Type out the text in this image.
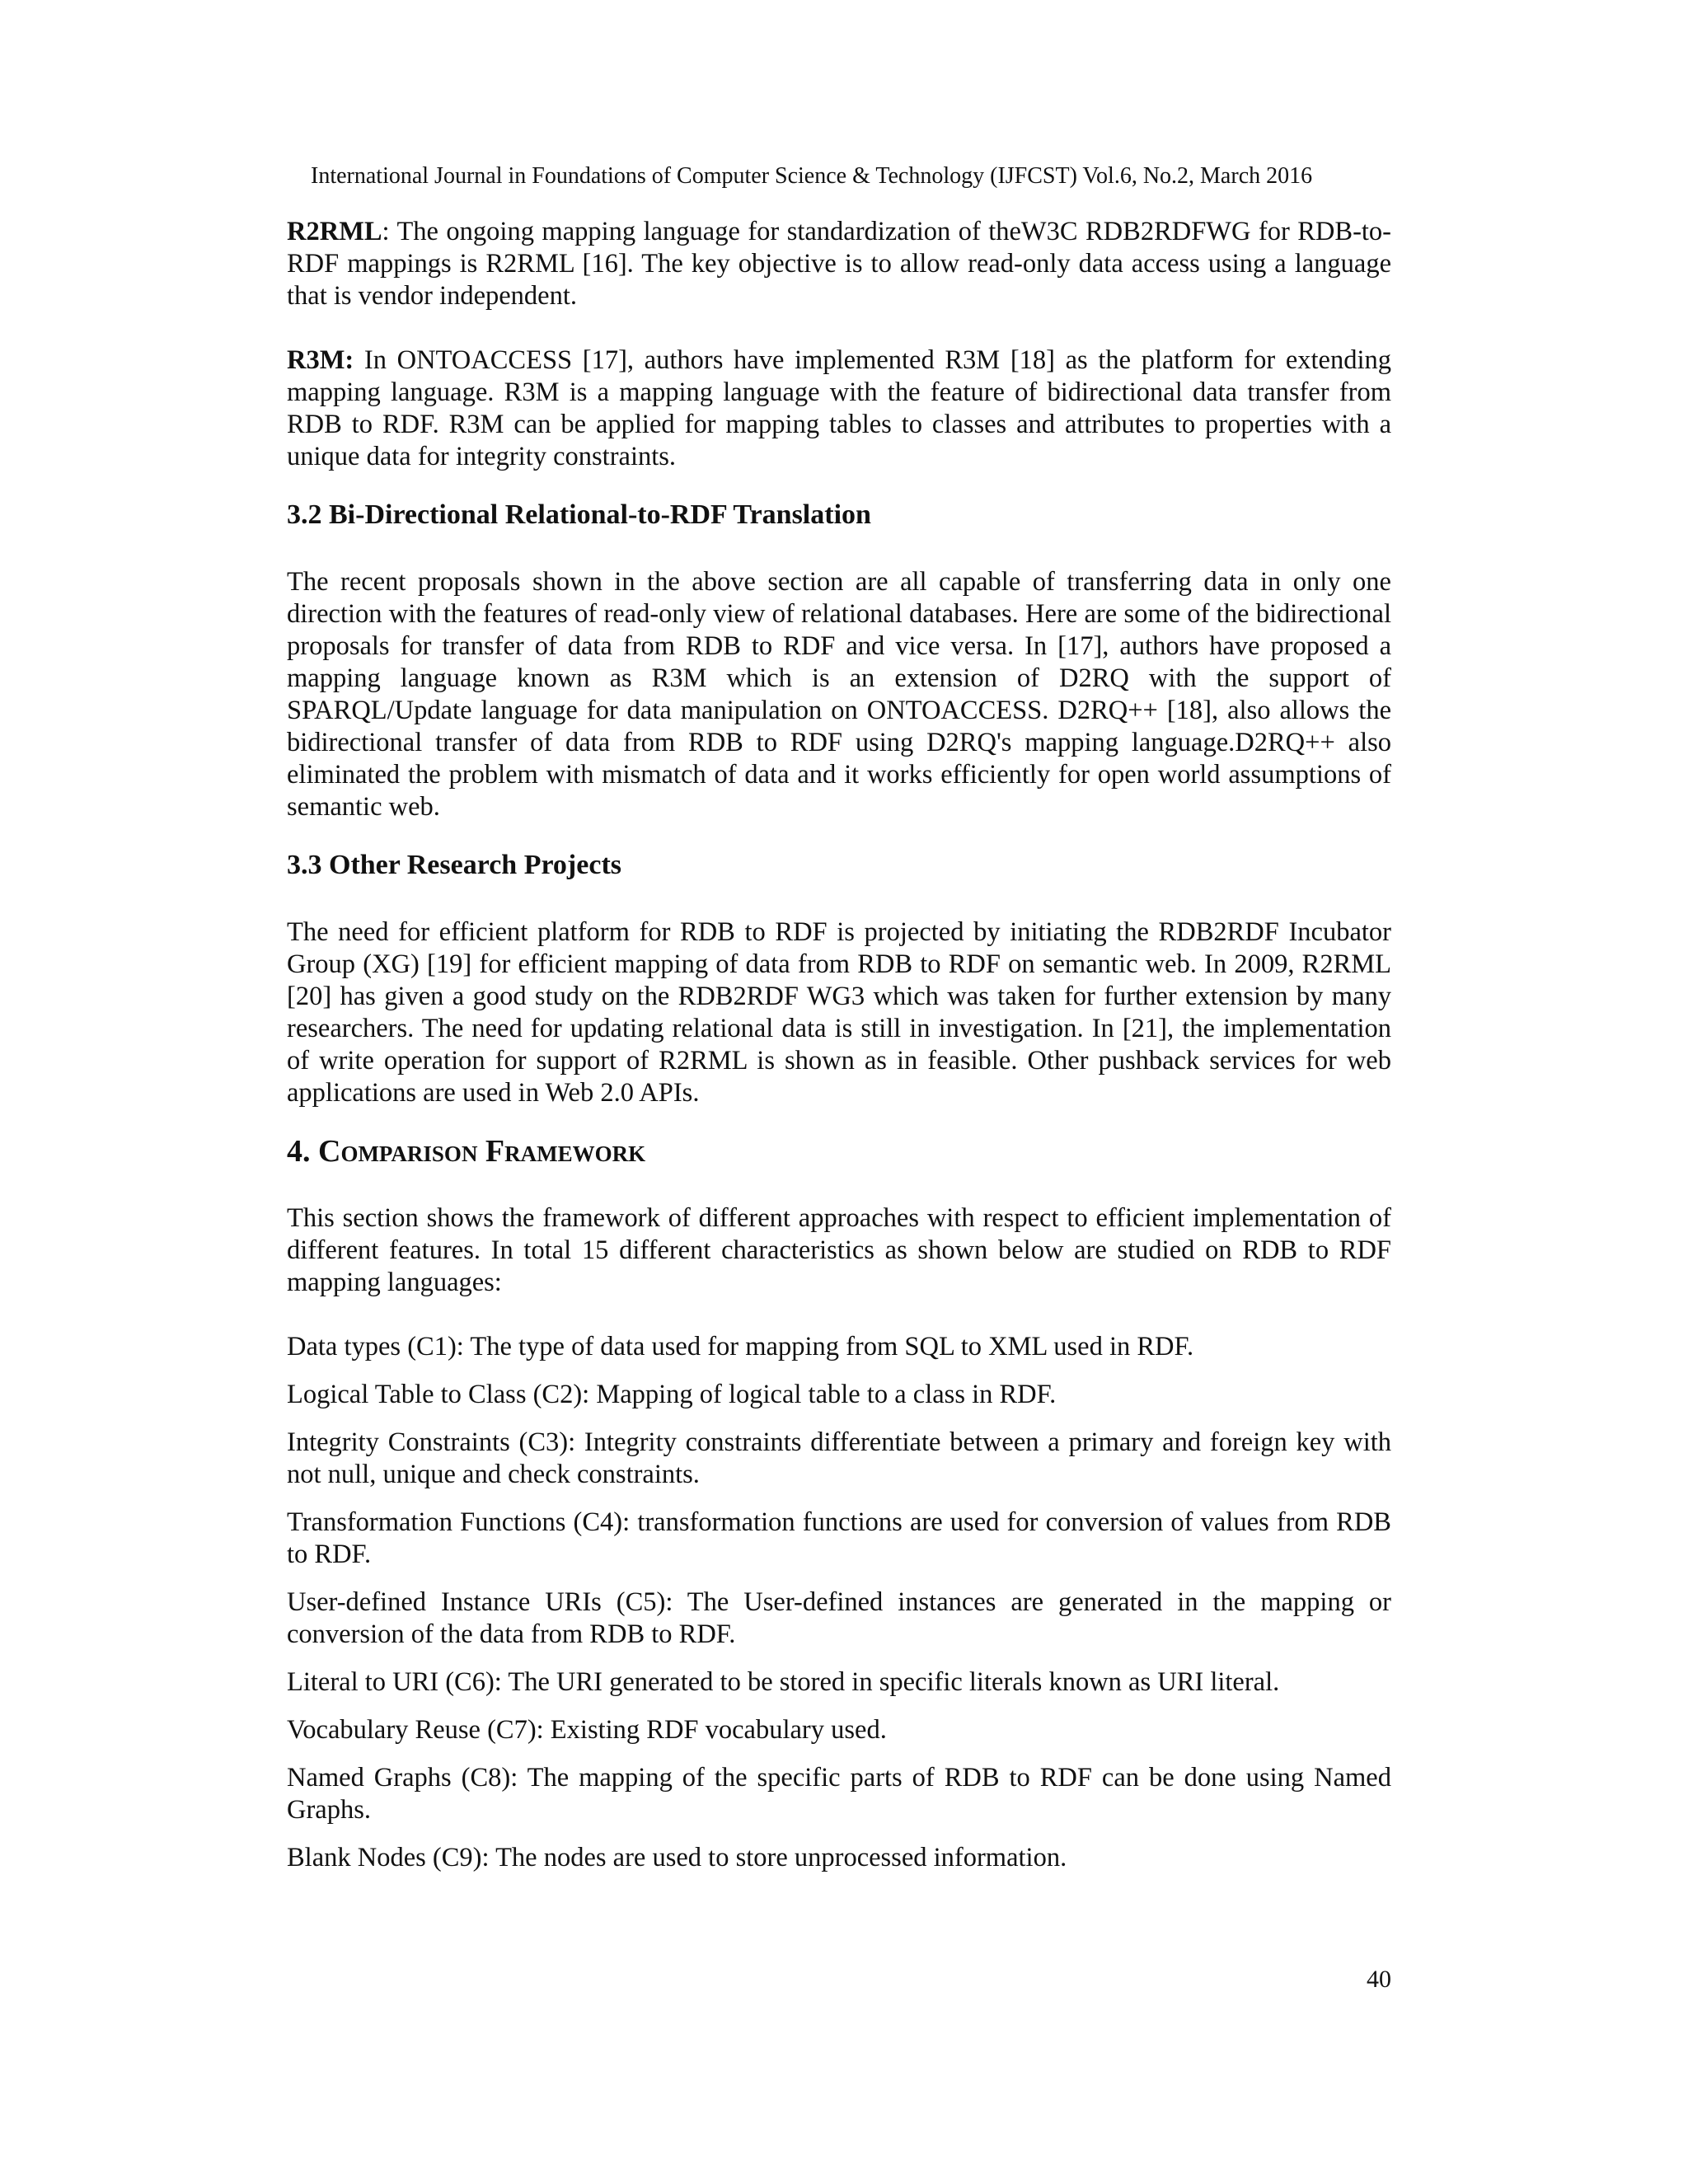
International Journal in Foundations of Computer Science & Technology (IJFCST) Vol.6, No.2, March 2016

R2RML: The ongoing mapping language for standardization of theW3C RDB2RDFWG for RDB-to-RDF mappings is R2RML [16]. The key objective is to allow read-only data access using a language that is vendor independent.

R3M: In ONTOACCESS [17], authors have implemented R3M [18] as the platform for extending mapping language. R3M is a mapping language with the feature of bidirectional data transfer from RDB to RDF. R3M can be applied for mapping tables to classes and attributes to properties with a unique data for integrity constraints.

3.2 Bi-Directional Relational-to-RDF Translation

The recent proposals shown in the above section are all capable of transferring data in only one direction with the features of read-only view of relational databases. Here are some of the bidirectional proposals for transfer of data from RDB to RDF and vice versa. In [17], authors have proposed a mapping language known as R3M which is an extension of D2RQ with the support of SPARQL/Update language for data manipulation on ONTOACCESS. D2RQ++ [18], also allows the bidirectional transfer of data from RDB to RDF using D2RQ's mapping language.D2RQ++ also eliminated the problem with mismatch of data and it works efficiently for open world assumptions of semantic web.

3.3 Other Research Projects

The need for efficient platform for RDB to RDF is projected by initiating the RDB2RDF Incubator Group (XG) [19] for efficient mapping of data from RDB to RDF on semantic web. In 2009, R2RML [20] has given a good study on the RDB2RDF WG3 which was taken for further extension by many researchers. The need for updating relational data is still in investigation. In [21], the implementation of write operation for support of R2RML is shown as in feasible. Other pushback services for web applications are used in Web 2.0 APIs.

4. Comparison Framework

This section shows the framework of different approaches with respect to efficient implementation of different features. In total 15 different characteristics as shown below are studied on RDB to RDF mapping languages:

Data types (C1): The type of data used for mapping from SQL to XML used in RDF.

Logical Table to Class (C2): Mapping of logical table to a class in RDF.

Integrity Constraints (C3): Integrity constraints differentiate between a primary and foreign key with not null, unique and check constraints.

Transformation Functions (C4): transformation functions are used for conversion of values from RDB to RDF.

User-defined Instance URIs (C5): The User-defined instances are generated in the mapping or conversion of the data from RDB to RDF.

Literal to URI (C6): The URI generated to be stored in specific literals known as URI literal.

Vocabulary Reuse (C7): Existing RDF vocabulary used.

Named Graphs (C8): The mapping of the specific parts of RDB to RDF can be done using Named Graphs.

Blank Nodes (C9): The nodes are used to store unprocessed information.

40
